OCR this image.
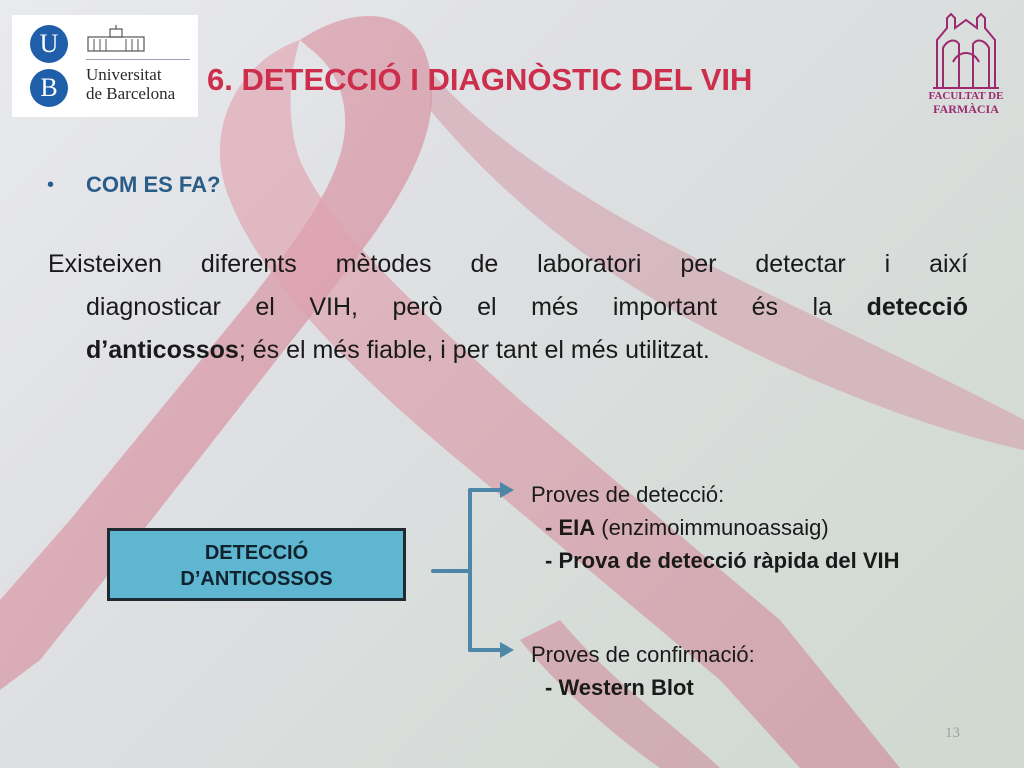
U
B	Universitat
de Barcelona 6. DETECCIÓ I DIAGNÒSTIC DEL VIH	FACULTAT DE
FARMÀCIA
• COM ES FA?
Existeixen diferents mètodes de laboratori per detectar i així
diagnosticar el VIH, però el més important és la detecció
d’anticossos; és el més fiable, i per tant el més utilitzat.
DETECCIÓ
D’ANTICOSSOS
Proves de detecció:
- EIA (enzimoimmunoassaig)
- Prova de detecció ràpida del VIH
Proves de confirmació:
- Western Blot
13
